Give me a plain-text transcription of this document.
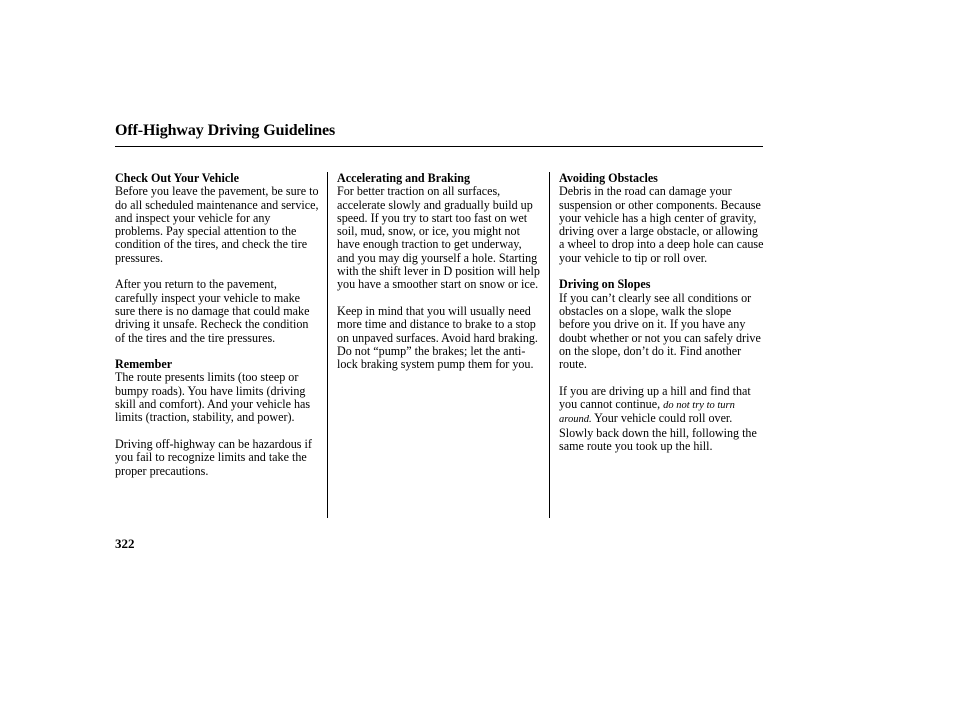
Off-Highway Driving Guidelines

Check Out Your Vehicle

Before you leave the pavement, be sure to do all scheduled maintenance and service, and inspect your vehicle for any problems. Pay special attention to the condition of the tires, and check the tire pressures.

After you return to the pavement, carefully inspect your vehicle to make sure there is no damage that could make driving it unsafe. Recheck the condition of the tires and the tire pressures.

Remember

The route presents limits (too steep or bumpy roads). You have limits (driving skill and comfort). And your vehicle has limits (traction, stability, and power).

Driving off-highway can be hazardous if you fail to recognize limits and take the proper precautions.

Accelerating and Braking

For better traction on all surfaces, accelerate slowly and gradually build up speed. If you try to start too fast on wet soil, mud, snow, or ice, you might not have enough traction to get underway, and you may dig yourself a hole. Starting with the shift lever in D position will help you have a smoother start on snow or ice.

Keep in mind that you will usually need more time and distance to brake to a stop on unpaved surfaces. Avoid hard braking. Do not “pump” the brakes; let the anti-lock braking system pump them for you.

Avoiding Obstacles

Debris in the road can damage your suspension or other components. Because your vehicle has a high center of gravity, driving over a large obstacle, or allowing a wheel to drop into a deep hole can cause your vehicle to tip or roll over.

Driving on Slopes

If you can’t clearly see all conditions or obstacles on a slope, walk the slope before you drive on it. If you have any doubt whether or not you can safely drive on the slope, don’t do it. Find another route.

If you are driving up a hill and find that you cannot continue, do not try to turn around. Your vehicle could roll over. Slowly back down the hill, following the same route you took up the hill.

322
